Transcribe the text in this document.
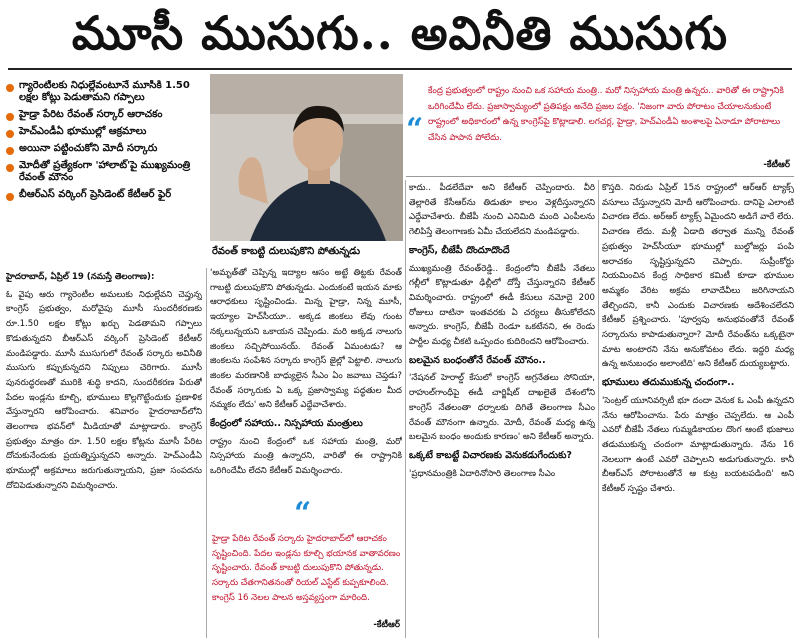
మూసీ ముసుగు.. అవినీతి ముసుగు
గ్యారెంటీలకు నిధుల్లేవంటూనే మూసీకి 1.50 లక్షల కోట్లు పెడుతామని గప్పాలు
హైడ్రా పేరిట రేవంత్ సర్కార్ ఆరాచకం
హెచ్‌ఎండీఏ భూముల్లో ఆక్రమాలు
అయినా పట్టించుకోని మోదీ సర్కారు
మోదీతో ప్రత్యేకంగా 'హాలాట్'పై ముఖ్యమంత్రి రేవంత్ మౌనం
బీఆర్ఎస్ వర్కింగ్ ప్రెసిడెంట్ కేటీఆర్ ఫైర్
రేవంత్ కాబట్టి దులుపుకొని పోతున్నడు
“
కేంద్ర ప్రభుత్వంలో రాష్ట్రం నుంచి ఒక సహాయ మంత్రి.. మరో నిస్సహాయ మంత్రి ఉన్నరు.. వారితో ఈ రాష్ట్రానికి ఒరిగిందేమీ లేదు. ప్రజాస్వామ్యంలో ప్రతిపక్షం అనేది ప్రజల పక్షం. 'నిజంగా వారు పోరాటం చేయాలనుకుంటే రాష్ట్రంలో అధికారంలో ఉన్న కాంగ్రెస్‌పై కొట్లాడాలి. లగచర్ల, హైడ్రా, హెచ్‌ఎండీఏ అంశాలపై ఏనాడూ పోరాటాలు చేసిన పాపాన పోలేదు.
-కేటీఆర్

హైదరాబాద్, ఏప్రిల్ 19 (నమస్తే తెలంగాణ):

ఓ వైపు ఆరు గ్యారెంటీల అమలుకు నిధుల్లేవని చెప్తున్న కాంగ్రెస్ ప్రభుత్వం, మరోవైపు మూసీ సుందరీకరణకు రూ.1.50 లక్షల కోట్లు ఖర్చు పెడతామని గప్పాలు కొడుతున్నదని బీఆర్ఎస్ వర్కింగ్ ప్రెసిడెంట్ కేటీఆర్ మండిపడ్డారు. మూసీ ముసుగులో రేవంత్ సర్కారు అవినీతి ముసుగు కప్పుకున్నదని నిప్పులు చెరిగారు. మూసీ పునరుద్ధరణతో మురికి శుద్ధి కాదని, సుందరీకరణ పేరుతో పేదల ఇండ్లను కూల్చి, భూములు కొల్లగొట్టేందుకు ప్రణాళిక వేస్తున్నారని ఆరోపించారు. శనివారం హైదరాబాద్‌లోని తెలంగాణ భవన్‌లో మీడియాతో మాట్లాడారు. కాంగ్రెస్ ప్రభుత్వం మాత్రం రూ. 1.50 లక్షల కోట్లను మూసీ పేరిట దోచుకునేందుకు ప్రయత్నిస్తున్నదని అన్నారు. హెచ్‌ఎండీఏ భూముల్లో అక్రమాలు జరుగుతున్నాయని, ప్రజా సంపదను దోచిపెడుతున్నారని విమర్శించారు.

'అమృత్‌తో చెప్పిన్న ఇద్యాల ఆసం అట్టే తిట్టకు రేవంత్ గాబట్టి దులుపుకొని పోతున్నడు. ఎందుకంటే ఇయన మాకు ఆరాధకులు సృష్టించిండు. మిన్న హైడ్రా, నిన్న మూసీ, ఇయ్యాల హెచ్‌సీయూ.. అక్కడ జింకలు లేవు గుంట నక్కలున్నయని ఒకాయన చెప్పిండు. మరి అక్కడ నాలుగు జింకలు సచ్చిపోయినయ్. రేవంత్ ఏమంటడు? ఆ జింకలను సంపేశిన సర్కారు కాంగ్రెస్ జైల్లో పెట్టాలి. నాలుగు జింకల మరణానికి బాధ్యులైన సీఎం ఏం జవాబు చెప్తడు? రేవంత్ సర్కారుకు ఏ ఒక్క ప్రజాస్వామ్య పద్ధతుల మీద నమ్మకం లేదు' అని కేటీఆర్ ఎద్దేవాచేశారు.

కేంద్రంలో సహాయ.. నిస్సహాయ మంత్రులు

రాష్ట్రం నుంచి కేంద్రంలో ఒక సహాయ మంత్రి, మరో నిస్సహాయ మంత్రి ఉన్నారని, వారితో ఈ రాష్ట్రానికి ఒరిగిందేమీ లేదని కేటీఆర్ విమర్శించారు.

“
హైడ్రా పేరిట రేవంత్ సర్కారు హైదరాబాద్‌లో ఆరాచకం సృష్టించింది. పేదల ఇండ్లను కూల్చి భయానక వాతావరణం సృష్టించారు. రేవంత్ కాబట్టి దులుపుకొని పోతున్నడు. సర్కారు చేతగానితనంతో రియల్ ఎస్టేట్ కుప్పకూలింది. కాంగ్రెస్ 16 నెలల పాలన అస్తవ్యస్తంగా మారింది.
-కేటీఆర్

కాదు.. పీడలేదేవా అని కేటీఆర్ చెప్పిందారు. వీరి తెల్లారితే కేసీఆర్‌ను తిడుతూ కాలం వెళ్లదీస్తున్నారని ఎద్దేవాచేశారు. బీజేపీ నుంచి ఎనిమిది మంది ఎంపీలను గెలిపిస్తే తెలంగాణకు ఏమీ చేయలేదని మండిపడ్డారు.

కాంగ్రెస్, బీజేపీ దొందూదొందే

ముఖ్యమంత్రి రేవంత్‌రెడ్డి.. కేంద్రంలోని బీజేపీ నేతలు గల్లీలో కొట్లాడుతూ ఢిల్లీలో దోస్తీ చేస్తున్నారని కేటీఆర్ విమర్శించారు. రాష్ట్రంలో ఈడీ కేసులు నమోదై 200 రోజులు దాటినా ఇంతవరకు ఏ చర్యలు తీసుకోలేదని అన్నారు. కాంగ్రెస్, బీజేపీ రెండూ ఒకటేనని, ఈ రెండు పార్టీల మధ్య చీకటి ఒప్పందం కుదిరిందని ఆరోపించారు.

బలమైన బంధంతోనే రేవంత్ మౌనం..

'నేషనల్ హెరాల్డ్ కేసులో కాంగ్రెస్ అగ్రనేతలు సోనియా, రాహుల్‌గాంధీపై ఈడీ చార్జిషీట్ దాఖలైతే దేశంలోని కాంగ్రెస్ నేతలంతా ధర్నాలకు దిగితే తెలంగాణ సీఎం రేవంత్ మౌనంగా ఉన్నారు. మోదీ, రేవంత్ మధ్య ఉన్న బలమైన బంధం అందుకు కారణం' అని కేటీఆర్ అన్నారు.

ఒక్కటే కాబట్టే విచారణకు వెనుకడుగేందుకు?

'ప్రధానమంత్రికి ఏదారినోసారి తెలంగాణ సీఎం

కొస్తది. నిరుడు ఏప్రిల్ 15న రాష్ట్రంలో ఆర్‌ఆర్ ట్యాక్స్ వసూలు చేస్తున్నారని మోదీ ఆరోపించారు. దానిపై ఎలాంటి విచారణ లేదు. అర్‌ఆర్ ట్యాక్స్ ఏమైందని అడిగే వారే లేరు. విచారణ లేదు. మళ్లీ ఏడాది తర్వాత మున్ని రేవంత్ ప్రభుత్వం హెచ్‌సీయూ భూముల్లో బుల్డోజర్లు పంపి అరాచకం సృష్టిస్తున్నదని చెప్పారు. సుప్రీంకోర్టు నియమించిన కేంద్ర సాధికార కమిటీ కూడా భూముల అమ్మకం వేరిట అక్రమ లావాదేవీలు జరిగినాయని తేల్చిందని, కానీ ఎందుకు విచారణకు ఆదేశించలేదని కేటీఆర్ ప్రశ్నించారు. 'పూర్వపు అనుభవంతోనే రేవంత్ సర్కారును కాపాడుతున్నారా? మోదీ రేవంత్‌ను ఒక్కటైనా మాట అంటారని నేను అనుకోవటం లేదు. ఇద్దరి మధ్య ఉన్న అనుబంధం అలాంటిది' అని కేటీఆర్ దుయ్యబట్టారు.

భూములు తదుముకున్న చందంగా..

'సెంట్రల్ యూనివర్సిటీ భూ దందా వెనుక ఓ ఎంపీ ఉన్నదని నేను ఆరోపించాను. పేరు మాత్రం చెప్పలేదు. ఆ ఎంపీ ఎవరో బీజేపీ నేతలు గుమ్మడికాయల దొంగ ఆంటే భుజాలు తడుముకున్న చందంగా మాట్లాడుతున్నారు. నేను 16 నెలలుగా ఉంటే ఎవరో చెప్పాలని అడుగుతున్నారు. కానీ బీఆర్ఎస్ పోరాటంతోనే ఆ కుట్ర బయటపడింది' అని కేటీఆర్ స్పష్టం చేశారు.
